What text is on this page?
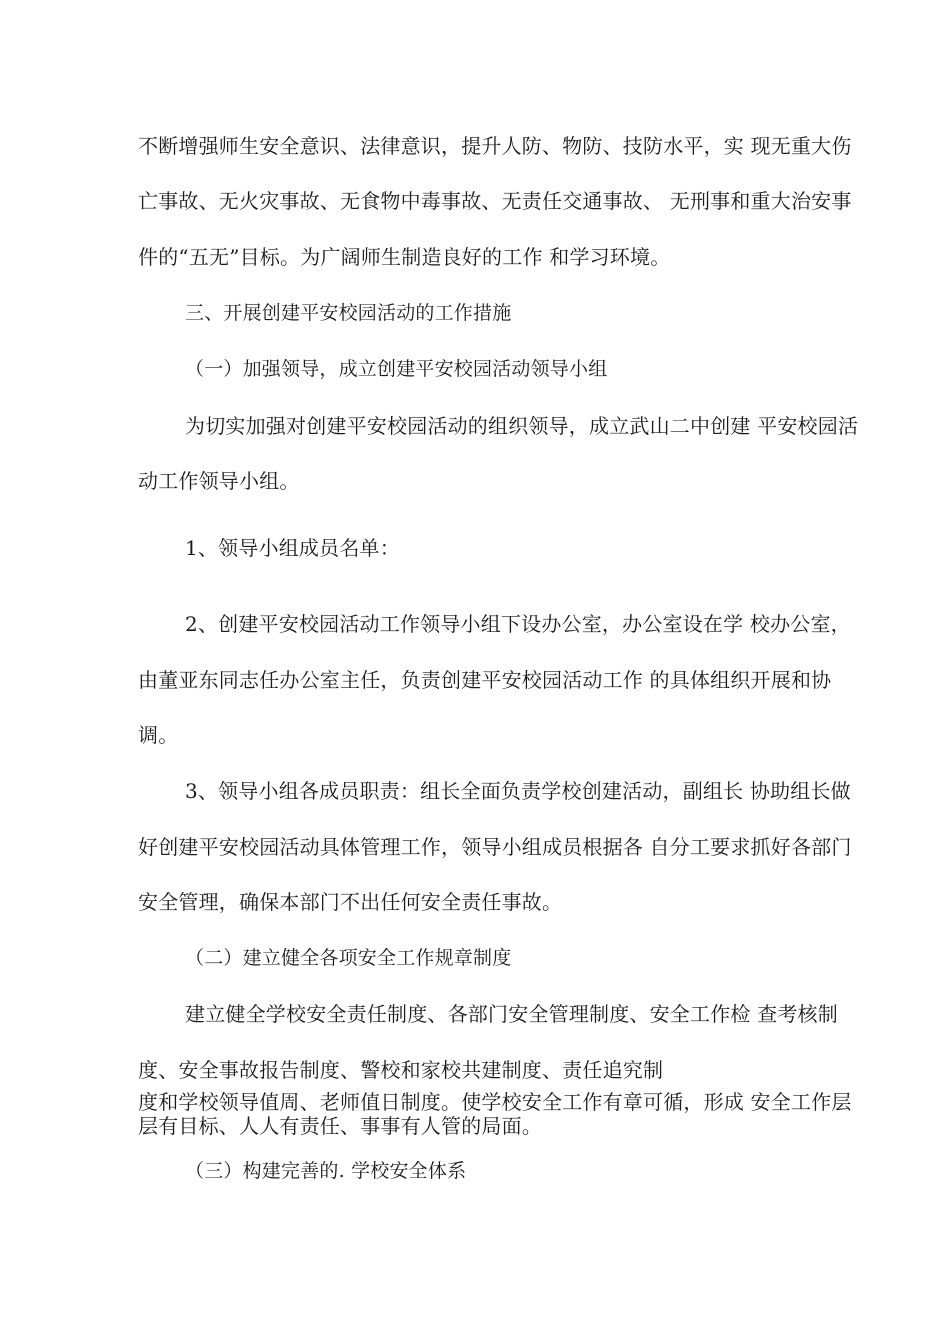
不断增强师生安全意识、法律意识，提升人防、物防、技防水平，实 现无重大伤
亡事故、无火灾事故、无食物中毒事故、无责任交通事故、 无刑事和重大治安事
件的“五无”目标。为广阔师生制造良好的工作 和学习环境。
三、开展创建平安校园活动的工作措施
（一）加强领导，成立创建平安校园活动领导小组
为切实加强对创建平安校园活动的组织领导，成立武山二中创建 平安校园活
动工作领导小组。
1、领导小组成员名单：
2、创建平安校园活动工作领导小组下设办公室，办公室设在学 校办公室，
由董亚东同志任办公室主任，负责创建平安校园活动工作 的具体组织开展和协
调。
3、领导小组各成员职责：组长全面负责学校创建活动，副组长 协助组长做
好创建平安校园活动具体管理工作，领导小组成员根据各 自分工要求抓好各部门
安全管理，确保本部门不出任何安全责任事故。
（二）建立健全各项安全工作规章制度
建立健全学校安全责任制度、各部门安全管理制度、安全工作检 查考核制
度、安全事故报告制度、警校和家校共建制度、责任追究制
度和学校领导值周、老师值日制度。使学校安全工作有章可循，形成 安全工作层
层有目标、人人有责任、事事有人管的局面。
（三）构建完善的. 学校安全体系
